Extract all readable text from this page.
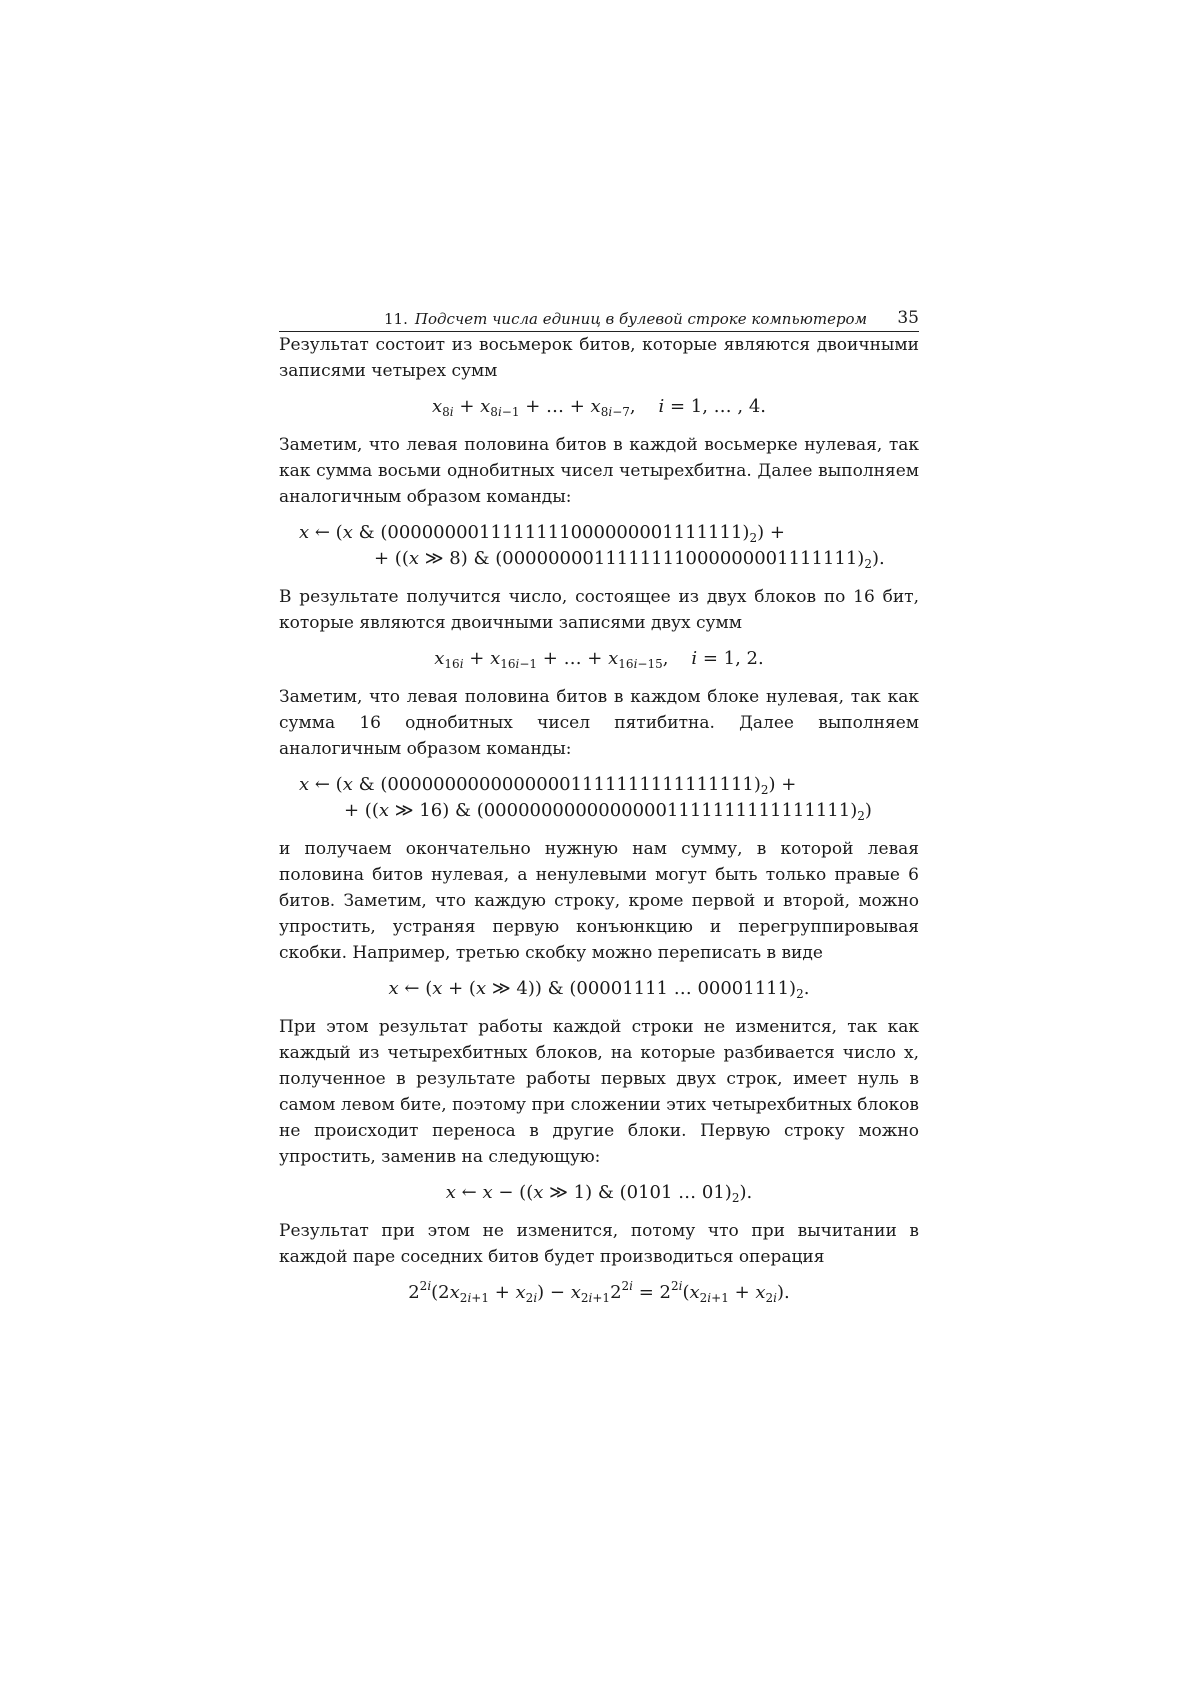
11. Подсчет числа единиц в булевой строке компьютером 35

Результат состоит из восьмерок битов, которые являются двоичными записями четырех сумм

$x_{8i} + x_{8i-1}$ + … + $x_{8i-7}$,    i = 1, … , 4.

Заметим, что левая половина битов в каждой восьмерке нулевая, так как сумма восьми однобитных чисел четырехбитна. Далее выполняем аналогичным образом команды:

x ← (x & $(0000000011111111000000001111111)_2$) +
+ ((x ≫ 8) & $(0000000011111111000000001111111)_2$).

В результате получится число, состоящее из двух блоков по 16 бит, которые являются двоичными записями двух сумм

$x_{16i} + x_{16i-1}$ + … + $x_{16i-15}$,    i = 1, 2.

Заметим, что левая половина битов в каждом блоке нулевая, так как сумма 16 однобитных чисел пятибитна. Далее выполняем аналогичным образом команды:

x ← (x & $(00000000000000001111111111111111)_2$) +
+ ((x ≫ 16) & $(00000000000000001111111111111111)_2$)

и получаем окончательно нужную нам сумму, в которой левая половина битов нулевая, а ненулевыми могут быть только правые 6 битов. Заметим, что каждую строку, кроме первой и второй, можно упростить, устраняя первую конъюнкцию и перегруппировывая скобки. Например, третью скобку можно переписать в виде

x ← (x + (x ≫ 4)) & (00001111 … $00001111)_2$.

При этом результат работы каждой строки не изменится, так как каждый из четырехбитных блоков, на которые разбивается число x, полученное в результате работы первых двух строк, имеет нуль в самом левом бите, поэтому при сложении этих четырехбитных блоков не происходит переноса в другие блоки. Первую строку можно упростить, заменив на следующую:

x ← x − ((x ≫ 1) & (0101 … $01)_2$).

Результат при этом не изменится, потому что при вычитании в каждой паре соседних битов будет производиться операция

$2^{2i}(2x_{2i+1} + x_{2i}) - x_{2i+1}2^{2i} = 2^{2i}(x_{2i+1} + x_{2i})$.
